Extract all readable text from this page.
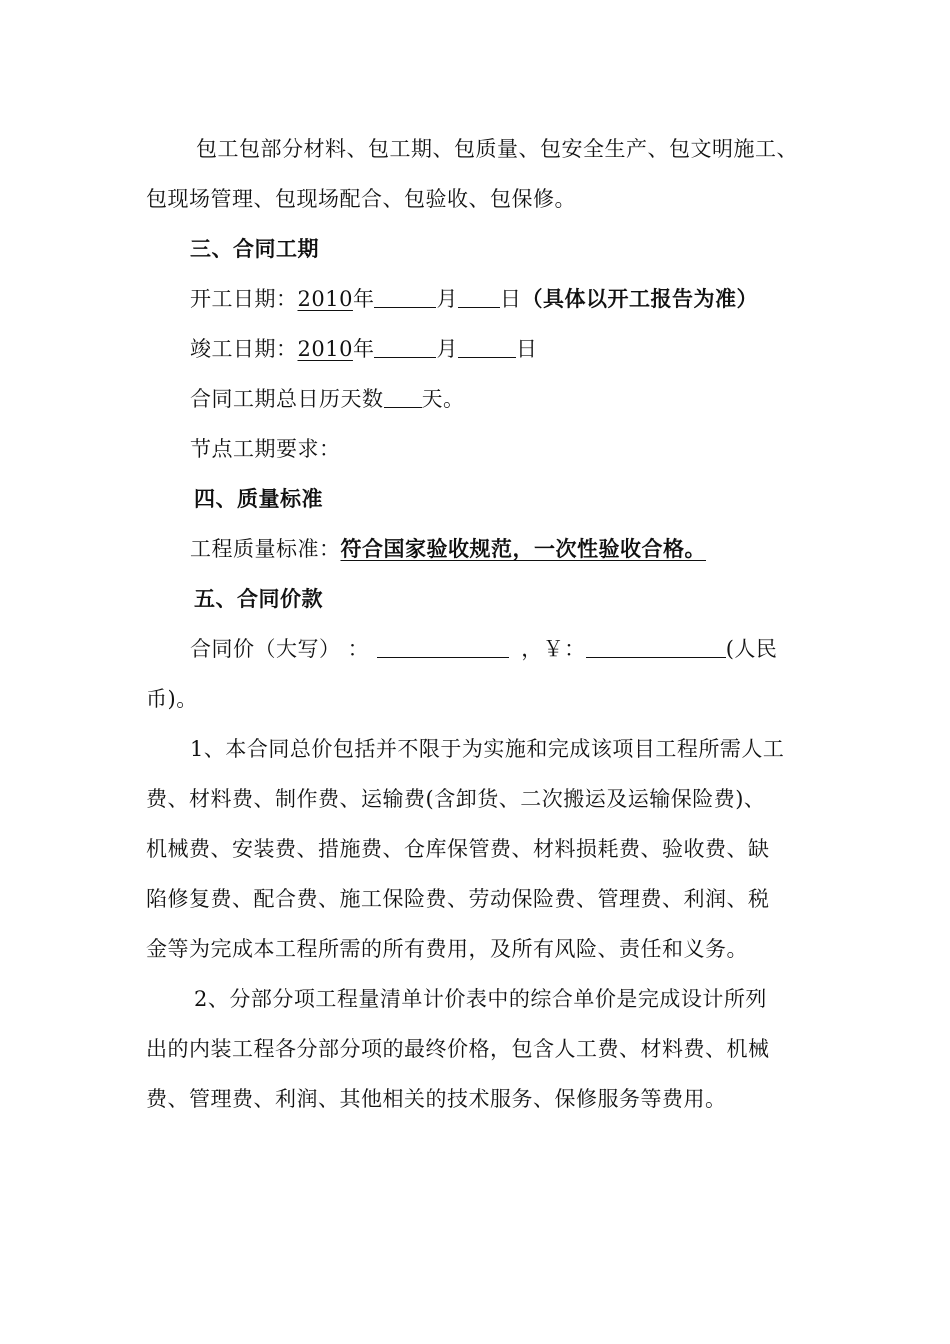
包工包部分材料、包工期、包质量、包安全生产、包文明施工、
包现场管理、包现场配合、包验收、包保修。
三、合同工期
开工日期：2010年	月 日（具体以开工报告为准）
竣工日期：2010年	月	日
合同工期总日历天数 天。
节点工期要求：
四、质量标准
工程质量标准：符合国家验收规范，一次性验收合格。
五、合同价款
合同价（大写） ：	，￥：	(人民
币)。
1、本合同总价包括并不限于为实施和完成该项目工程所需人工
费、材料费、制作费、运输费(含卸货、二次搬运及运输保险费)、
机械费、安装费、措施费、仓库保管费、材料损耗费、验收费、缺
陷修复费、配合费、施工保险费、劳动保险费、管理费、利润、税
金等为完成本工程所需的所有费用，及所有风险、责任和义务。
2、分部分项工程量清单计价表中的综合单价是完成设计所列
出的内装工程各分部分项的最终价格，包含人工费、材料费、机械
费、管理费、利润、其他相关的技术服务、保修服务等费用。
